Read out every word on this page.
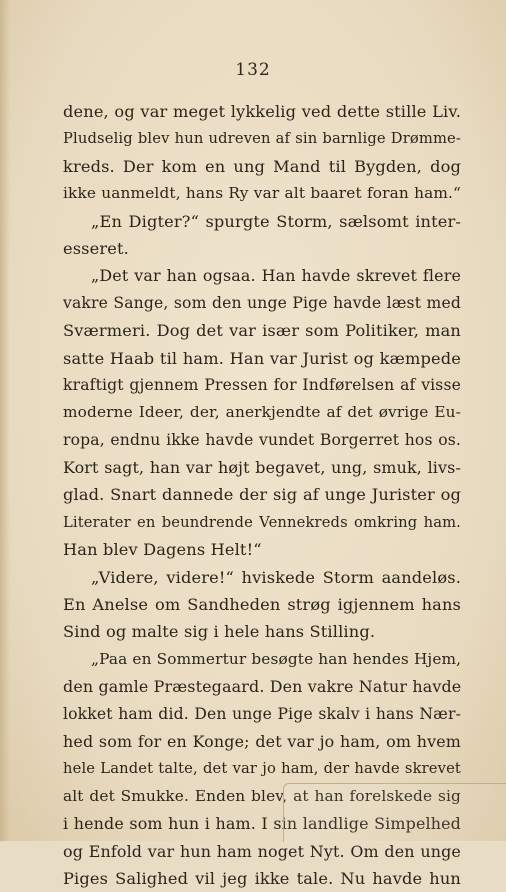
132
dene, og var meget lykkelig ved dette stille Liv.
Pludselig blev hun udreven af sin barnlige Drømme-
kreds. Der kom en ung Mand til Bygden, dog
ikke uanmeldt, hans Ry var alt baaret foran ham.“
„En Digter?“ spurgte Storm, sælsomt inter-
esseret.
„Det var han ogsaa. Han havde skrevet flere
vakre Sange, som den unge Pige havde læst med
Sværmeri. Dog det var især som Politiker, man
satte Haab til ham. Han var Jurist og kæmpede
kraftigt gjennem Pressen for Indførelsen af visse
moderne Ideer, der, anerkjendte af det øvrige Eu-
ropa, endnu ikke havde vundet Borgerret hos os.
Kort sagt, han var højt begavet, ung, smuk, livs-
glad. Snart dannede der sig af unge Jurister og
Literater en beundrende Vennekreds omkring ham.
Han blev Dagens Helt!“
„Videre, videre!“ hviskede Storm aandeløs.
En Anelse om Sandheden strøg igjennem hans
Sind og malte sig i hele hans Stilling.
„Paa en Sommertur besøgte han hendes Hjem,
den gamle Præstegaard. Den vakre Natur havde
lokket ham did. Den unge Pige skalv i hans Nær-
hed som for en Konge; det var jo ham, om hvem
hele Landet talte, det var jo ham, der havde skrevet
alt det Smukke. Enden blev, at han forelskede sig
i hende som hun i ham. I sin landlige Simpelhed
og Enfold var hun ham noget Nyt. Om den unge
Piges Salighed vil jeg ikke tale. Nu havde hun
